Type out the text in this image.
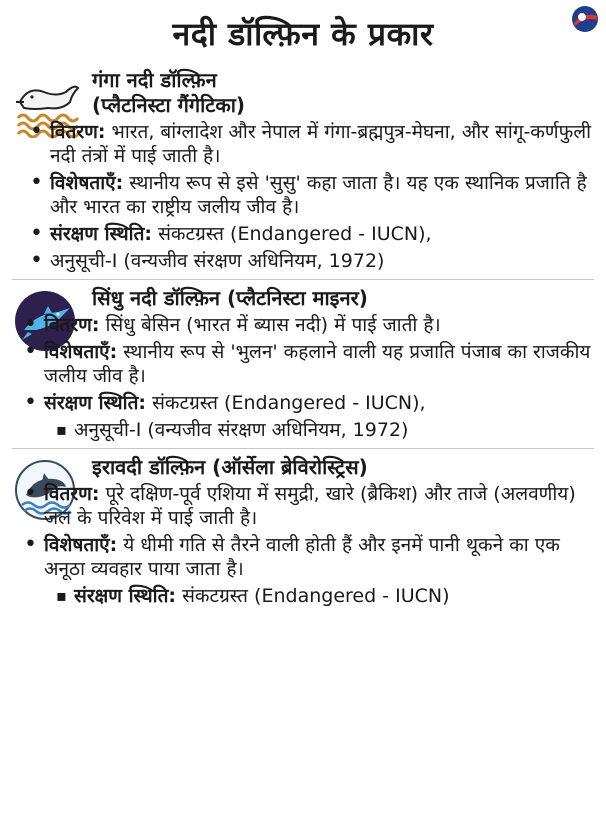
नदी डॉल्फ़िन के प्रकार

गंगा नदी डॉल्फ़िन

(प्लैटनिस्टा गैंगेटिका)

• वितरण: भारत, बांग्लादेश और नेपाल में गंगा-ब्रह्मपुत्र-मेघना, और सांगू-कर्णफुली नदी तंत्रों में पाई जाती है।
• विशेषताएँ: स्थानीय रूप से इसे 'सुसु' कहा जाता है। यह एक स्थानिक प्रजाति है और भारत का राष्ट्रीय जलीय जीव है।
• संरक्षण स्थिति: संकटग्रस्त (Endangered - IUCN),
• अनुसूची-I (वन्यजीव संरक्षण अधिनियम, 1972)

सिंधु नदी डॉल्फ़िन (प्लैटनिस्टा माइनर)

• वितरण: सिंधु बेसिन (भारत में ब्यास नदी) में पाई जाती है।
• विशेषताएँ: स्थानीय रूप से 'भुलन' कहलाने वाली यह प्रजाति पंजाब का राजकीय जलीय जीव है।
• संरक्षण स्थिति: संकटग्रस्त (Endangered - IUCN),
▪ अनुसूची-I (वन्यजीव संरक्षण अधिनियम, 1972)

इरावदी डॉल्फ़िन (ऑर्सेला ब्रेविरोस्ट्रिस)

• वितरण: पूरे दक्षिण-पूर्व एशिया में समुद्री, खारे (ब्रैकिश) और ताजे (अलवणीय) जल के परिवेश में पाई जाती है।
• विशेषताएँ: ये धीमी गति से तैरने वाली होती हैं और इनमें पानी थूकने का एक अनूठा व्यवहार पाया जाता है।
▪ संरक्षण स्थिति: संकटग्रस्त (Endangered - IUCN)
